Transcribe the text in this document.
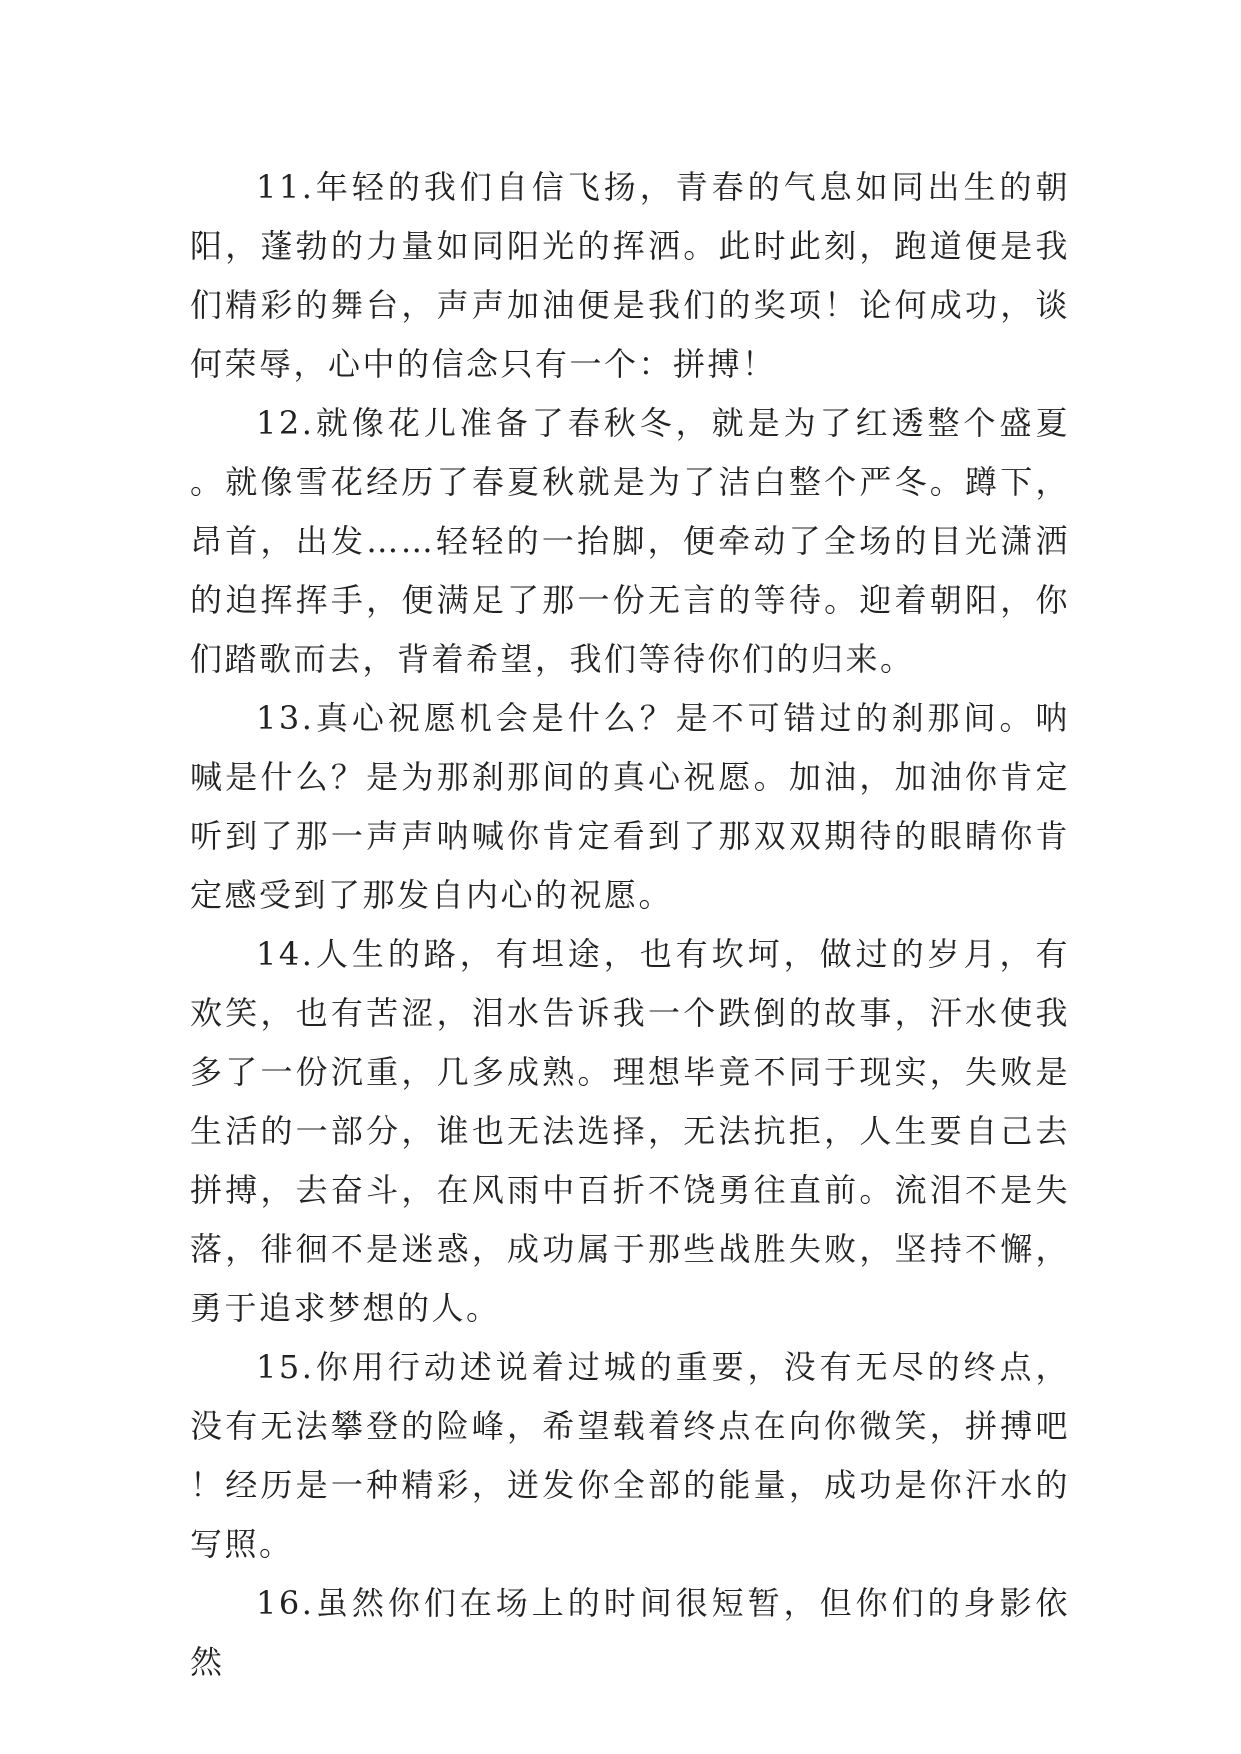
11.年轻的我们自信飞扬，青春的气息如同出生的朝阳，蓬勃的力量如同阳光的挥洒。此时此刻，跑道便是我们精彩的舞台，声声加油便是我们的奖项！论何成功，谈何荣辱，心中的信念只有一个：拼搏！

12.就像花儿准备了春秋冬，就是为了红透整个盛夏。就像雪花经历了春夏秋就是为了洁白整个严冬。蹲下，昂首，出发……轻轻的一抬脚，便牵动了全场的目光潇洒的迫挥挥手，便满足了那一份无言的等待。迎着朝阳，你们踏歌而去，背着希望，我们等待你们的归来。

13.真心祝愿机会是什么？是不可错过的刹那间。呐喊是什么？是为那刹那间的真心祝愿。加油，加油你肯定听到了那一声声呐喊你肯定看到了那双双期待的眼睛你肯定感受到了那发自内心的祝愿。

14.人生的路，有坦途，也有坎坷，做过的岁月，有欢笑，也有苦涩，泪水告诉我一个跌倒的故事，汗水使我多了一份沉重，几多成熟。理想毕竟不同于现实，失败是生活的一部分，谁也无法选择，无法抗拒，人生要自己去拼搏，去奋斗，在风雨中百折不饶勇往直前。流泪不是失落，徘徊不是迷惑，成功属于那些战胜失败，坚持不懈，勇于追求梦想的人。

15.你用行动述说着过城的重要，没有无尽的终点，没有无法攀登的险峰，希望载着终点在向你微笑，拼搏吧！经历是一种精彩，迸发你全部的能量，成功是你汗水的写照。

16.虽然你们在场上的时间很短暂，但你们的身影依然
